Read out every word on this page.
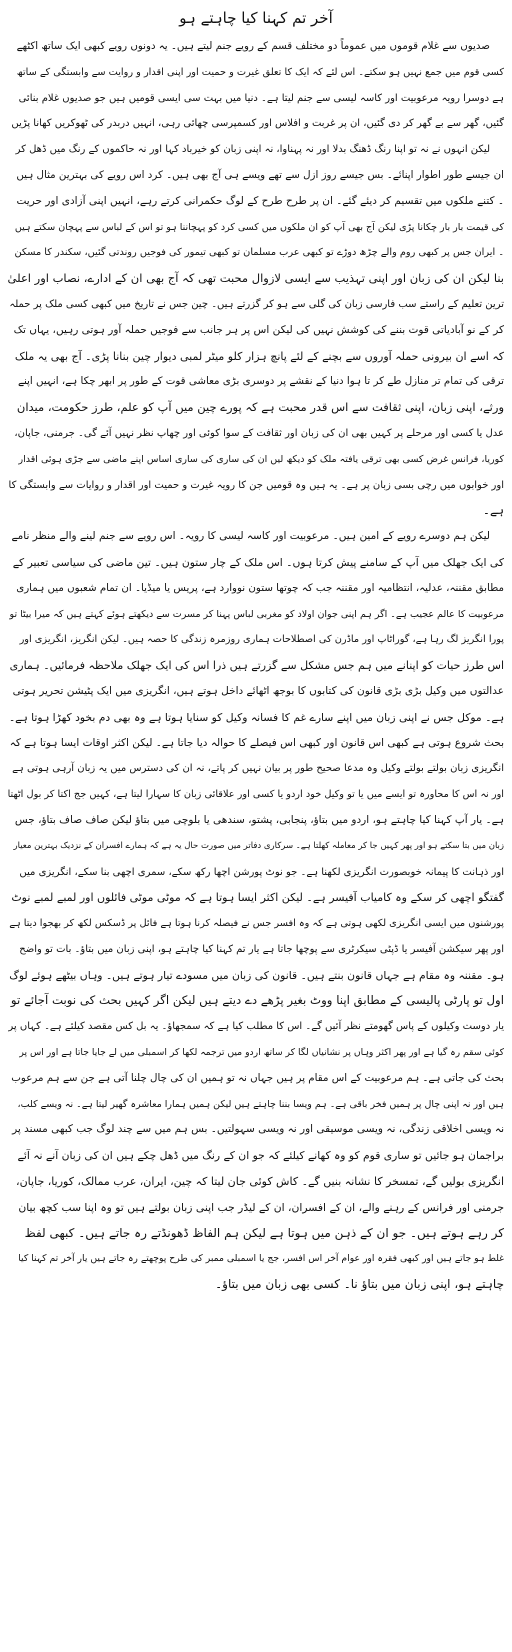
آخر تم کہنا کیا چاہتے ہو
صدیوں سے غلام قوموں میں عموماً دو مختلف قسم کے رویے جنم لیتے ہیں۔ یہ دونوں رویے کبھی ایک ساتھ اکٹھے
کسی قوم میں جمع نہیں ہو سکتے۔ اس لئے کہ ایک کا تعلق غیرت و حمیت اور اپنی اقدار و روایت سے وابستگی کے ساتھ
ہے دوسرا رویہ مرعوبیت اور کاسہ لیسی سے جنم لیتا ہے۔ دنیا میں بہت سی ایسی قومیں ہیں جو صدیوں غلام بنائی
گئیں، گھر سے بے گھر کر دی گئیں، ان پر غربت و افلاس اور کسمپرسی چھائی رہی، انہیں دربدر کی ٹھوکریں کھانا پڑیں
لیکن انہوں نے نہ تو اپنا رنگ ڈھنگ بدلا اور نہ پہناوا، نہ اپنی زبان کو خیرباد کہا اور نہ حاکموں کے رنگ میں ڈھل کر
ان جیسے طور اطوار اپنائے۔ بس جیسے روز ازل سے تھے ویسے ہی آج بھی ہیں۔ کرد اس رویے کی بہترین مثال ہیں
۔ کتنے ملکوں میں تقسیم کر دیئے گئے۔ ان پر طرح طرح کے لوگ حکمرانی کرتے رہے، انہیں اپنی آزادی اور حریت
کی قیمت بار بار چکانا پڑی لیکن آج بھی آپ کو ان ملکوں میں کسی کرد کو پہچاننا ہو تو اس کے لباس سے پہچان سکتے ہیں
۔ ایران جس پر کبھی روم والے چڑھ دوڑے تو کبھی عرب مسلمان تو کبھی تیمور کی فوجیں روندتی گئیں، سکندر کا مسکن
بنا لیکن ان کی زبان اور اپنی تہذیب سے ایسی لازوال محبت تھی کہ آج بھی ان کے ادارے، نصاب اور اعلیٰ
ترین تعلیم کے راستے سب فارسی زبان کی گلی سے ہو کر گزرتے ہیں۔ چین جس نے تاریخ میں کبھی کسی ملک پر حملہ
کر کے نو آبادیاتی قوت بننے کی کوشش نہیں کی لیکن اس پر ہر جانب سے فوجیں حملہ آور ہوتی رہیں، یہاں تک
کہ اسے ان بیرونی حملہ آوروں سے بچنے کے لئے پانچ ہزار کلو میٹر لمبی دیوار چین بنانا پڑی۔ آج بھی یہ ملک
ترقی کی تمام تر منازل طے کر تا ہوا دنیا کے نقشے پر دوسری بڑی معاشی قوت کے طور پر ابھر چکا ہے، انہیں اپنے
ورثے، اپنی زبان، اپنی ثقافت سے اس قدر محبت ہے کہ پورے چین میں آپ کو علم، طرز حکومت، میدان
عدل یا کسی اور مرحلے پر کہیں بھی ان کی زبان اور ثقافت کے سوا کوئی اور چھاپ نظر نہیں آئے گی۔ جرمنی، جاپان،
کوریا، فرانس غرض کسی بھی ترقی یافتہ ملک کو دیکھ لیں ان کی ساری کی ساری اساس اپنے ماضی سے جڑی ہوئی اقدار
اور خوابوں میں رچی بسی زبان پر ہے۔ یہ ہیں وہ قومیں جن کا رویہ غیرت و حمیت اور اقدار و روایات سے وابستگی کا
ہے۔
لیکن ہم دوسرے رویے کے امین ہیں۔ مرعوبیت اور کاسہ لیسی کا رویہ۔ اس رویے سے جنم لینے والے منظر نامے
کی ایک جھلک میں آپ کے سامنے پیش کرتا ہوں۔ اس ملک کے چار ستون ہیں۔ تین ماضی کی سیاسی تعبیر کے
مطابق مقننہ، عدلیہ، انتظامیہ اور مقننہ جب کہ چوتھا ستون نووارد ہے، پریس یا میڈیا۔ ان تمام شعبوں میں ہماری
مرعوبیت کا عالم عجیب ہے۔ اگر ہم اپنی جوان اولاد کو مغربی لباس پہنا کر مسرت سے دیکھتے ہوئے کہتے ہیں کہ میرا بیٹا تو
پورا انگریز لگ رہا ہے، گوراٹاپ اور ماڈرن کی اصطلاحات ہماری روزمرہ زندگی کا حصہ ہیں۔ لیکن انگریز، انگریزی اور
اس طرز حیات کو اپنانے میں ہم جس مشکل سے گزرتے ہیں ذرا اس کی ایک جھلک ملاحظہ فرمائیں۔ ہماری
عدالتوں میں وکیل بڑی بڑی قانون کی کتابوں کا بوجھ اٹھائے داخل ہوتے ہیں، انگریزی میں ایک پٹیشن تحریر ہوتی
ہے۔ موکل جس نے اپنی زبان میں اپنے سارے غم کا فسانہ وکیل کو سنایا ہوتا ہے وہ بھی دم بخود کھڑا ہوتا ہے۔
بحث شروع ہوتی ہے کبھی اس قانون اور کبھی اس فیصلے کا حوالہ دیا جاتا ہے۔ لیکن اکثر اوقات ایسا ہوتا ہے کہ
انگریزی زبان بولتے بولتے وکیل وہ مدعا صحیح طور پر بیان نہیں کر پاتے، نہ ان کی دسترس میں یہ زبان آرہی ہوتی ہے
اور نہ اس کا محاورہ تو ایسے میں یا تو وکیل خود اردو یا کسی اور علاقائی زبان کا سہارا لیتا ہے، کہیں جج اکتا کر بول اٹھتا
ہے۔ یار آپ کہنا کیا چاہتے ہو، اردو میں بتاؤ، پنجابی، پشتو، سندھی یا بلوچی میں بتاؤ لیکن صاف صاف بتاؤ، جس
زبان میں بتا سکتے ہو اور پھر کہیں جا کر معاملہ کھلتا ہے۔ سرکاری دفاتر میں صورت حال یہ ہے کہ ہمارے افسران کے نزدیک بہترین معیار
اور ذہانت کا پیمانہ خوبصورت انگریزی لکھنا ہے۔ جو نوٹ پورشن اچھا رکھ سکے، سمری اچھی بنا سکے، انگریزی میں
گفتگو اچھی کر سکے وہ کامیاب آفیسر ہے۔ لیکن اکثر ایسا ہوتا ہے کہ موٹی موٹی فائلوں اور لمبے لمبے نوٹ
پورشنوں میں ایسی انگریزی لکھی ہوتی ہے کہ وہ افسر جس نے فیصلہ کرنا ہوتا ہے فائل پر ڈسکس لکھ کر بھجوا دیتا ہے
اور پھر سیکشن آفیسر یا ڈپٹی سیکرٹری سے پوچھا جاتا ہے یار تم کہنا کیا چاہتے ہو، اپنی زبان میں بتاؤ۔ بات تو واضح
ہو۔ مقننہ وہ مقام ہے جہاں قانون بنتے ہیں۔ قانون کی زبان میں مسودے تیار ہوتے ہیں۔ وہاں بیٹھے ہوئے لوگ
اول تو پارٹی پالیسی کے مطابق اپنا ووٹ بغیر پڑھے دے دیتے ہیں لیکن اگر کہیں بحث کی نوبت آجائے تو
یار دوست وکیلوں کے پاس گھومتے نظر آئیں گے۔ اس کا مطلب کیا ہے کہ سمجھاؤ۔ یہ بل کس مقصد کیلئے ہے۔ کہاں پر
کوئی سقم رہ گیا ہے اور پھر اکثر وہاں پر نشانیاں لگا کر ساتھ اردو میں ترجمہ لکھا کر اسمبلی میں لے جایا جاتا ہے اور اس پر
بحث کی جاتی ہے۔ ہم مرعوبیت کے اس مقام پر ہیں جہاں نہ تو ہمیں ان کی چال چلنا آتی ہے جن سے ہم مرعوب
ہیں اور نہ اپنی چال پر ہمیں فخر باقی ہے۔ ہم ویسا بننا چاہتے ہیں لیکن ہمیں ہمارا معاشرہ گھیر لیتا ہے۔ نہ ویسے کلب،
نہ ویسی اخلاقی زندگی، نہ ویسی موسیقی اور نہ ویسی سہولتیں۔ بس ہم میں سے چند لوگ جب کبھی مسند پر
براجمان ہو جائیں تو ساری قوم کو وہ کھانے کیلئے کہ جو ان کے رنگ میں ڈھل چکے ہیں ان کی زبان آنے نہ آئے
انگریزی بولیں گے، تمسخر کا نشانہ بنیں گے۔ کاش کوئی جان لیتا کہ چین، ایران، عرب ممالک، کوریا، جاپان،
جرمنی اور فرانس کے رہنے والے، ان کے افسران، ان کے لیڈر جب اپنی زبان بولتے ہیں تو وہ اپنا سب کچھ بیان
کر رہے ہوتے ہیں۔ جو ان کے ذہن میں ہوتا ہے لیکن ہم الفاظ ڈھونڈتے رہ جاتے ہیں۔ کبھی لفظ
غلط ہو جاتے ہیں اور کبھی فقرہ اور عوام آخر اس افسر، جج یا اسمبلی ممبر کی طرح پوچھتے رہ جاتے ہیں یار آخر تم کہنا کیا
چاہتے ہو، اپنی زبان میں بتاؤ نا۔ کسی بھی زبان میں بتاؤ۔
